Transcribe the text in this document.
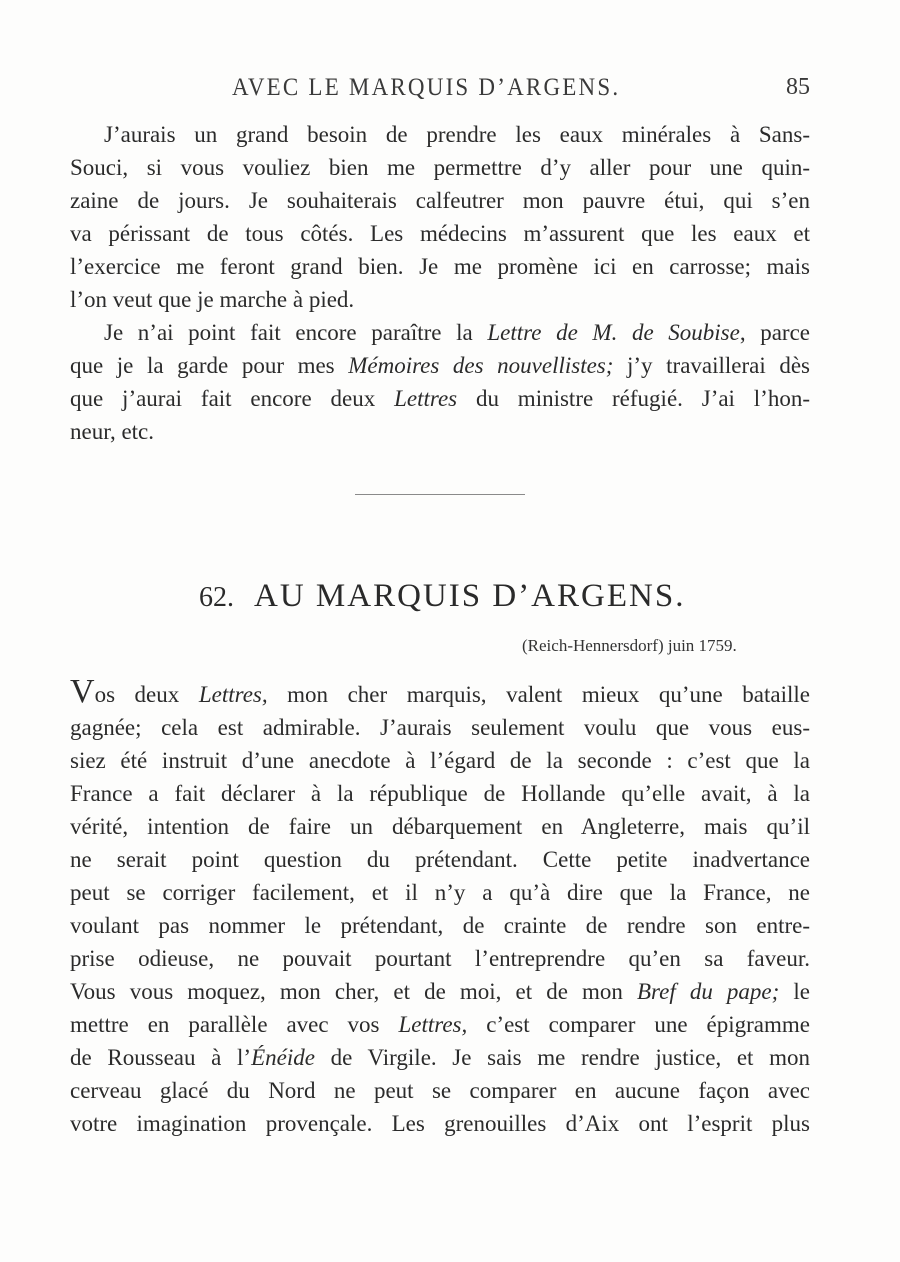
AVEC LE MARQUIS D’ARGENS.	85
J’aurais un grand besoin de prendre les eaux minérales à Sans-
Souci, si vous vouliez bien me permettre d’y aller pour une quin-
zaine de jours. Je souhaiterais calfeutrer mon pauvre étui, qui s’en
va périssant de tous côtés. Les médecins m’assurent que les eaux et
l’exercice me feront grand bien. Je me promène ici en carrosse; mais
l’on veut que je marche à pied.
Je n’ai point fait encore paraître la Lettre de M. de Soubise, parce
que je la garde pour mes Mémoires des nouvellistes; j’y travaillerai dès
que j’aurai fait encore deux Lettres du ministre réfugié. J’ai l’hon-
neur, etc.
62. AU MARQUIS D’ARGENS.
(Reich-Hennersdorf) juin 1759.
Vos deux Lettres, mon cher marquis, valent mieux qu’une bataille
gagnée; cela est admirable. J’aurais seulement voulu que vous eus-
siez été instruit d’une anecdote à l’égard de la seconde : c’est que la
France a fait déclarer à la république de Hollande qu’elle avait, à la
vérité, intention de faire un débarquement en Angleterre, mais qu’il
ne serait point question du prétendant. Cette petite inadvertance
peut se corriger facilement, et il n’y a qu’à dire que la France, ne
voulant pas nommer le prétendant, de crainte de rendre son entre-
prise odieuse, ne pouvait pourtant l’entreprendre qu’en sa faveur.
Vous vous moquez, mon cher, et de moi, et de mon Bref du pape; le
mettre en parallèle avec vos Lettres, c’est comparer une épigramme
de Rousseau à l’Énéide de Virgile. Je sais me rendre justice, et mon
cerveau glacé du Nord ne peut se comparer en aucune façon avec
votre imagination provençale. Les grenouilles d’Aix ont l’esprit plus
